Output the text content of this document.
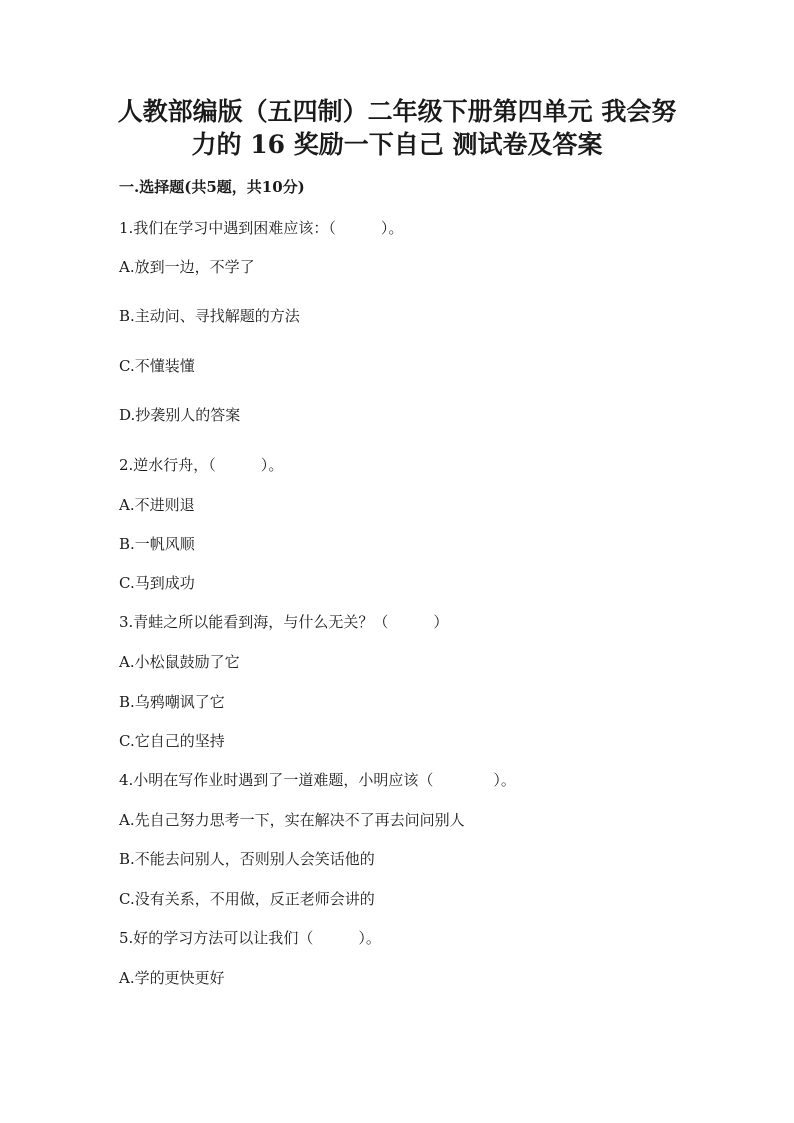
人教部编版（五四制）二年级下册第四单元 我会努
力的 16 奖励一下自己 测试卷及答案
一.选择题(共5题，共10分)
1.我们在学习中遇到困难应该：（　　　）。
A.放到一边，不学了
B.主动问、寻找解题的方法
C.不懂装懂
D.抄袭别人的答案
2.逆水行舟，（　　　）。
A.不进则退
B.一帆风顺
C.马到成功
3.青蛙之所以能看到海，与什么无关？（　　　）
A.小松鼠鼓励了它
B.乌鸦嘲讽了它
C.它自己的坚持
4.小明在写作业时遇到了一道难题，小明应该（　　　　）。
A.先自己努力思考一下，实在解决不了再去问问别人
B.不能去问别人，否则别人会笑话他的
C.没有关系，不用做，反正老师会讲的
5.好的学习方法可以让我们（　　　）。
A.学的更快更好
